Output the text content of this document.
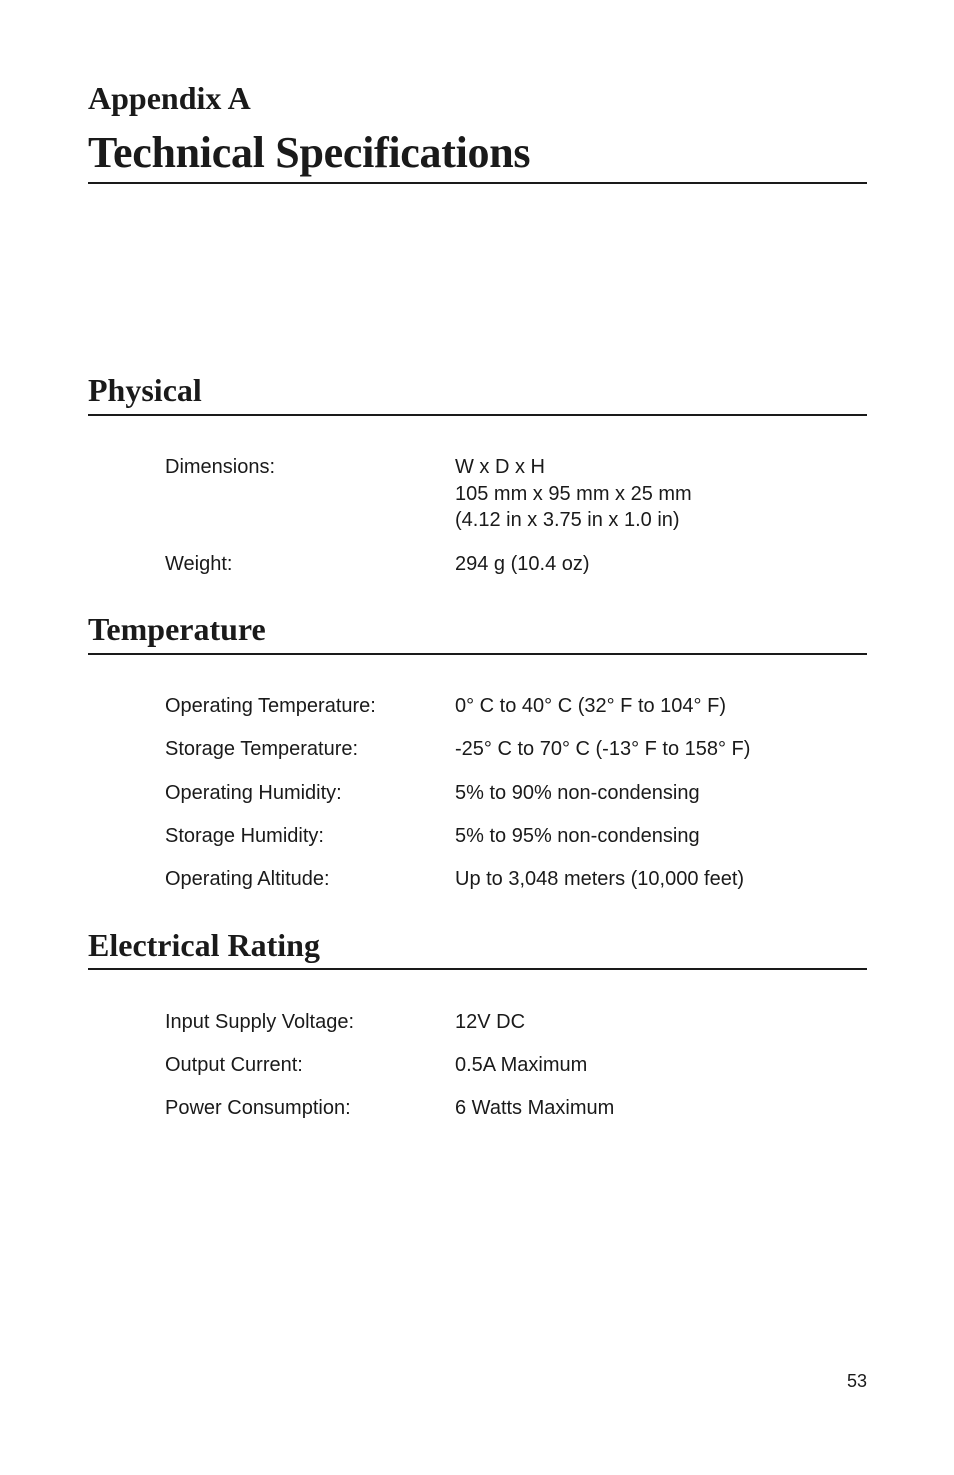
Appendix A
Technical Specifications
Physical
Dimensions:	W x D x H
105 mm x 95 mm x 25 mm
(4.12 in x 3.75 in x 1.0 in)
Weight:	294 g (10.4 oz)
Temperature
Operating Temperature:	0° C to 40° C (32° F to 104° F)
Storage Temperature:	-25° C to 70° C (-13° F to 158° F)
Operating Humidity:	5% to 90% non-condensing
Storage Humidity:	5% to 95% non-condensing
Operating Altitude:	Up to 3,048 meters (10,000 feet)
Electrical Rating
Input Supply Voltage:	12V DC
Output Current:	0.5A Maximum
Power Consumption:	6 Watts Maximum
53
